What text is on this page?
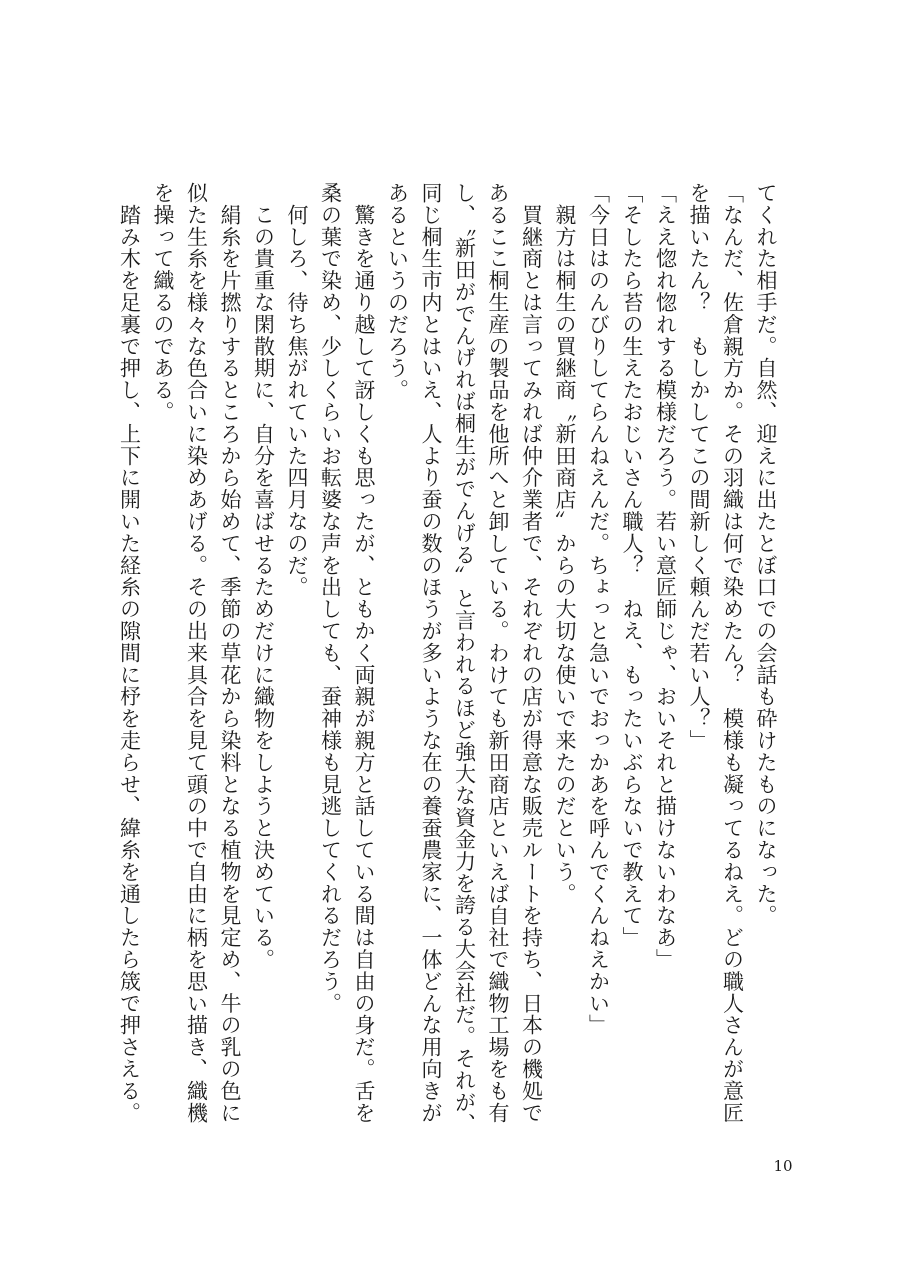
てくれた相手だ。自然、迎えに出たとぼ口での会話も砕けたものになった。
「なんだ、佐倉親方か。その羽織は何で染めたん？　模様も凝ってるねえ。どの職人さんが意匠
を描いたん？　もしかしてこの間新しく頼んだ若い人？」
「ええ惚れ惚れする模様だろう。若い意匠師じゃ、おいそれと描けないわなあ」
「そしたら苔の生えたおじいさん職人？　ねえ、もったいぶらないで教えて」
「今日はのんびりしてらんねえんだ。ちょっと急いでおっかあを呼んでくんねえかい」
　親方は桐生の買継商〝新田商店〟からの大切な使いで来たのだという。
　買継商とは言ってみれば仲介業者で、それぞれの店が得意な販売ルートを持ち、日本の機処で
あるここ桐生産の製品を他所へと卸している。わけても新田商店といえば自社で織物工場をも有
し、〝新田がでんげれば桐生がでんげる〟と言われるほど強大な資金力を誇る大会社だ。それが、
同じ桐生市内とはいえ、人より蚕の数のほうが多いような在の養蚕農家に、一体どんな用向きが
あるというのだろう。
　驚きを通り越して訝しくも思ったが、ともかく両親が親方と話している間は自由の身だ。舌を
桑の葉で染め、少しくらいお転婆な声を出しても、蚕神様も見逃してくれるだろう。
　何しろ、待ち焦がれていた四月なのだ。
　この貴重な閑散期に、自分を喜ばせるためだけに織物をしようと決めている。
　絹糸を片撚りするところから始めて、季節の草花から染料となる植物を見定め、牛の乳の色に
似た生糸を様々な色合いに染めあげる。その出来具合を見て頭の中で自由に柄を思い描き、織機
を操って織るのである。
　踏み木を足裏で押し、上下に開いた経糸の隙間に杼を走らせ、緯糸を通したら筬で押さえる。
10
